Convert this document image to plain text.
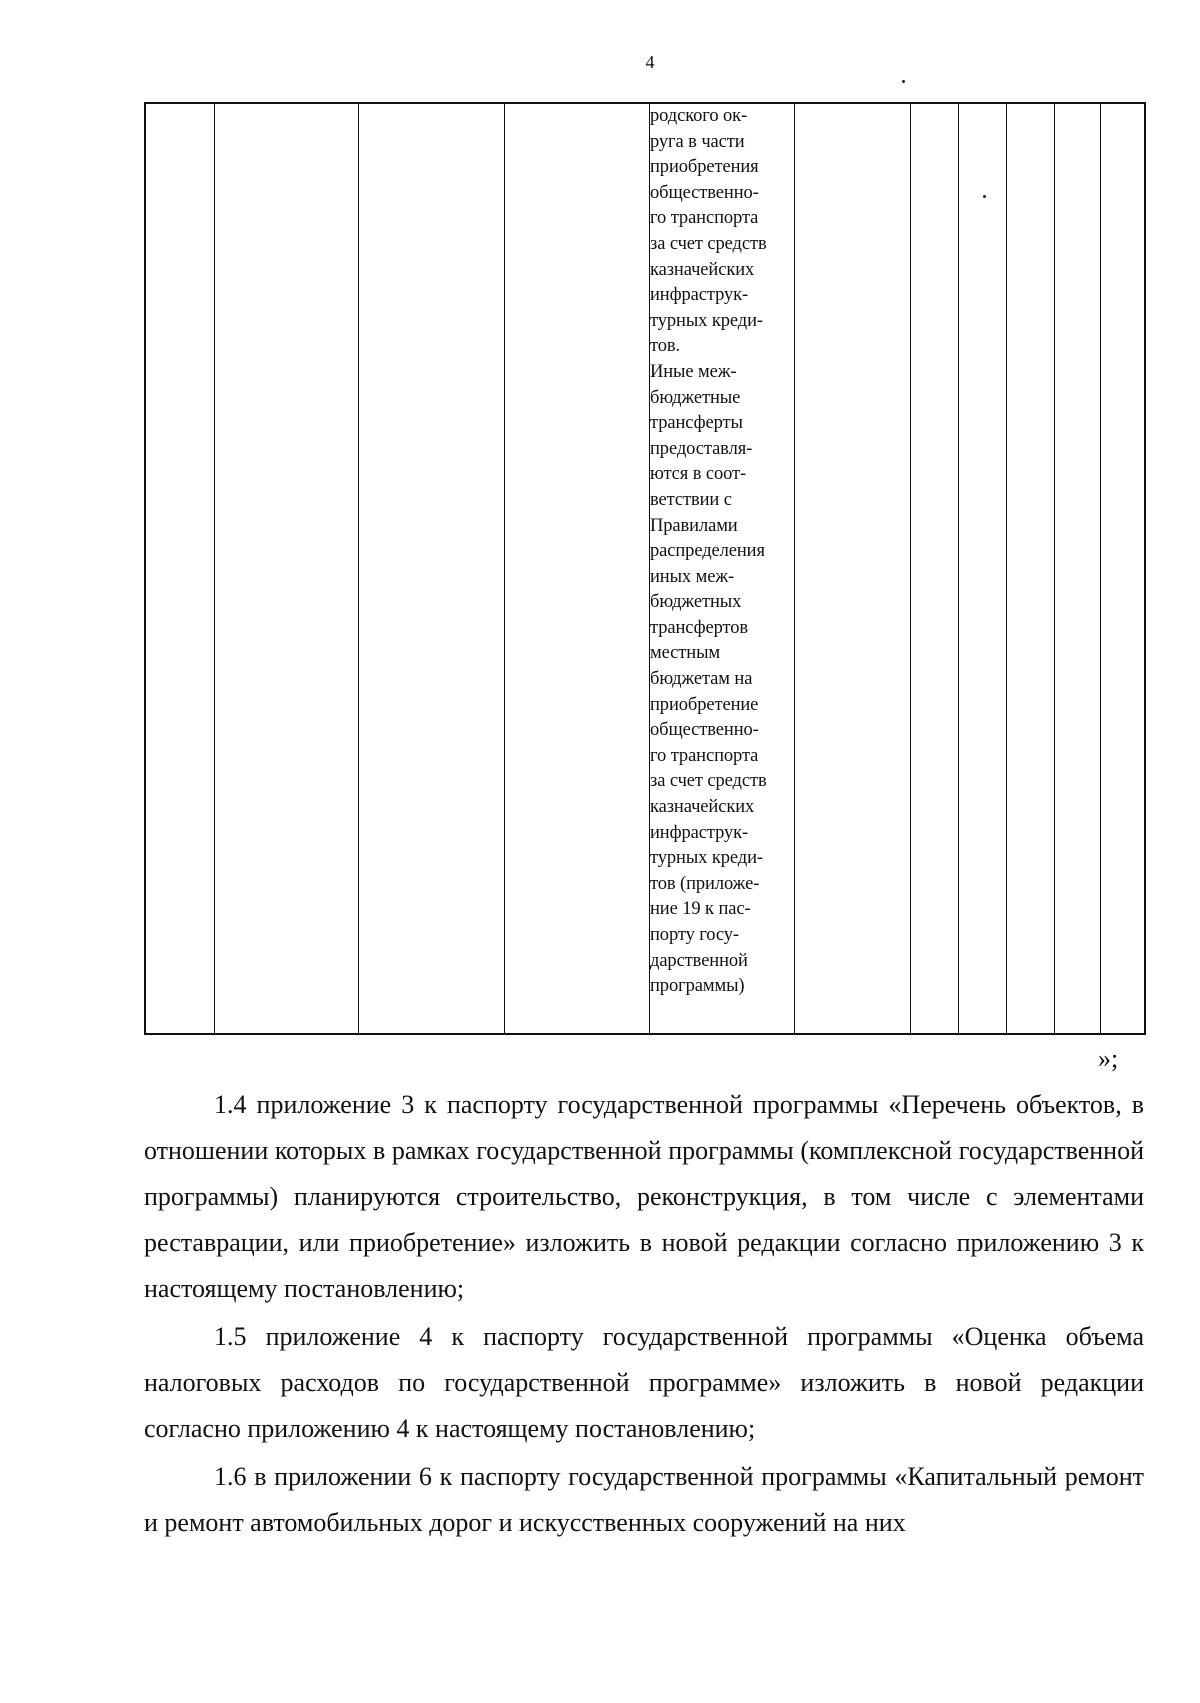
4
родского ок-
руга в части
приобретения
общественно-
го транспорта
за счет средств
казначейских
инфраструк-
турных креди-
тов.
Иные меж-
бюджетные
трансферты
предоставля-
ются в соот-
ветствии с
Правилами
распределения
иных меж-
бюджетных
трансфертов
местным
бюджетам на
приобретение
общественно-
го транспорта
за счет средств
казначейских
инфраструк-
турных креди-
тов (приложе-
ние 19 к пас-
порту госу-
дарственной
программы)
»;

1.4 приложение 3 к паспорту государственной программы «Перечень объектов, в отношении которых в рамках государственной программы (комплексной государственной программы) планируются строительство, реконструкция, в том числе с элементами реставрации, или приобретение» изложить в новой редакции согласно приложению 3 к настоящему постановлению;

1.5 приложение 4 к паспорту государственной программы «Оценка объема налоговых расходов по государственной программе» изложить в новой редакции согласно приложению 4 к настоящему постановлению;

1.6 в приложении 6 к паспорту государственной программы «Капитальный ремонт и ремонт автомобильных дорог и искусственных сооружений на них
